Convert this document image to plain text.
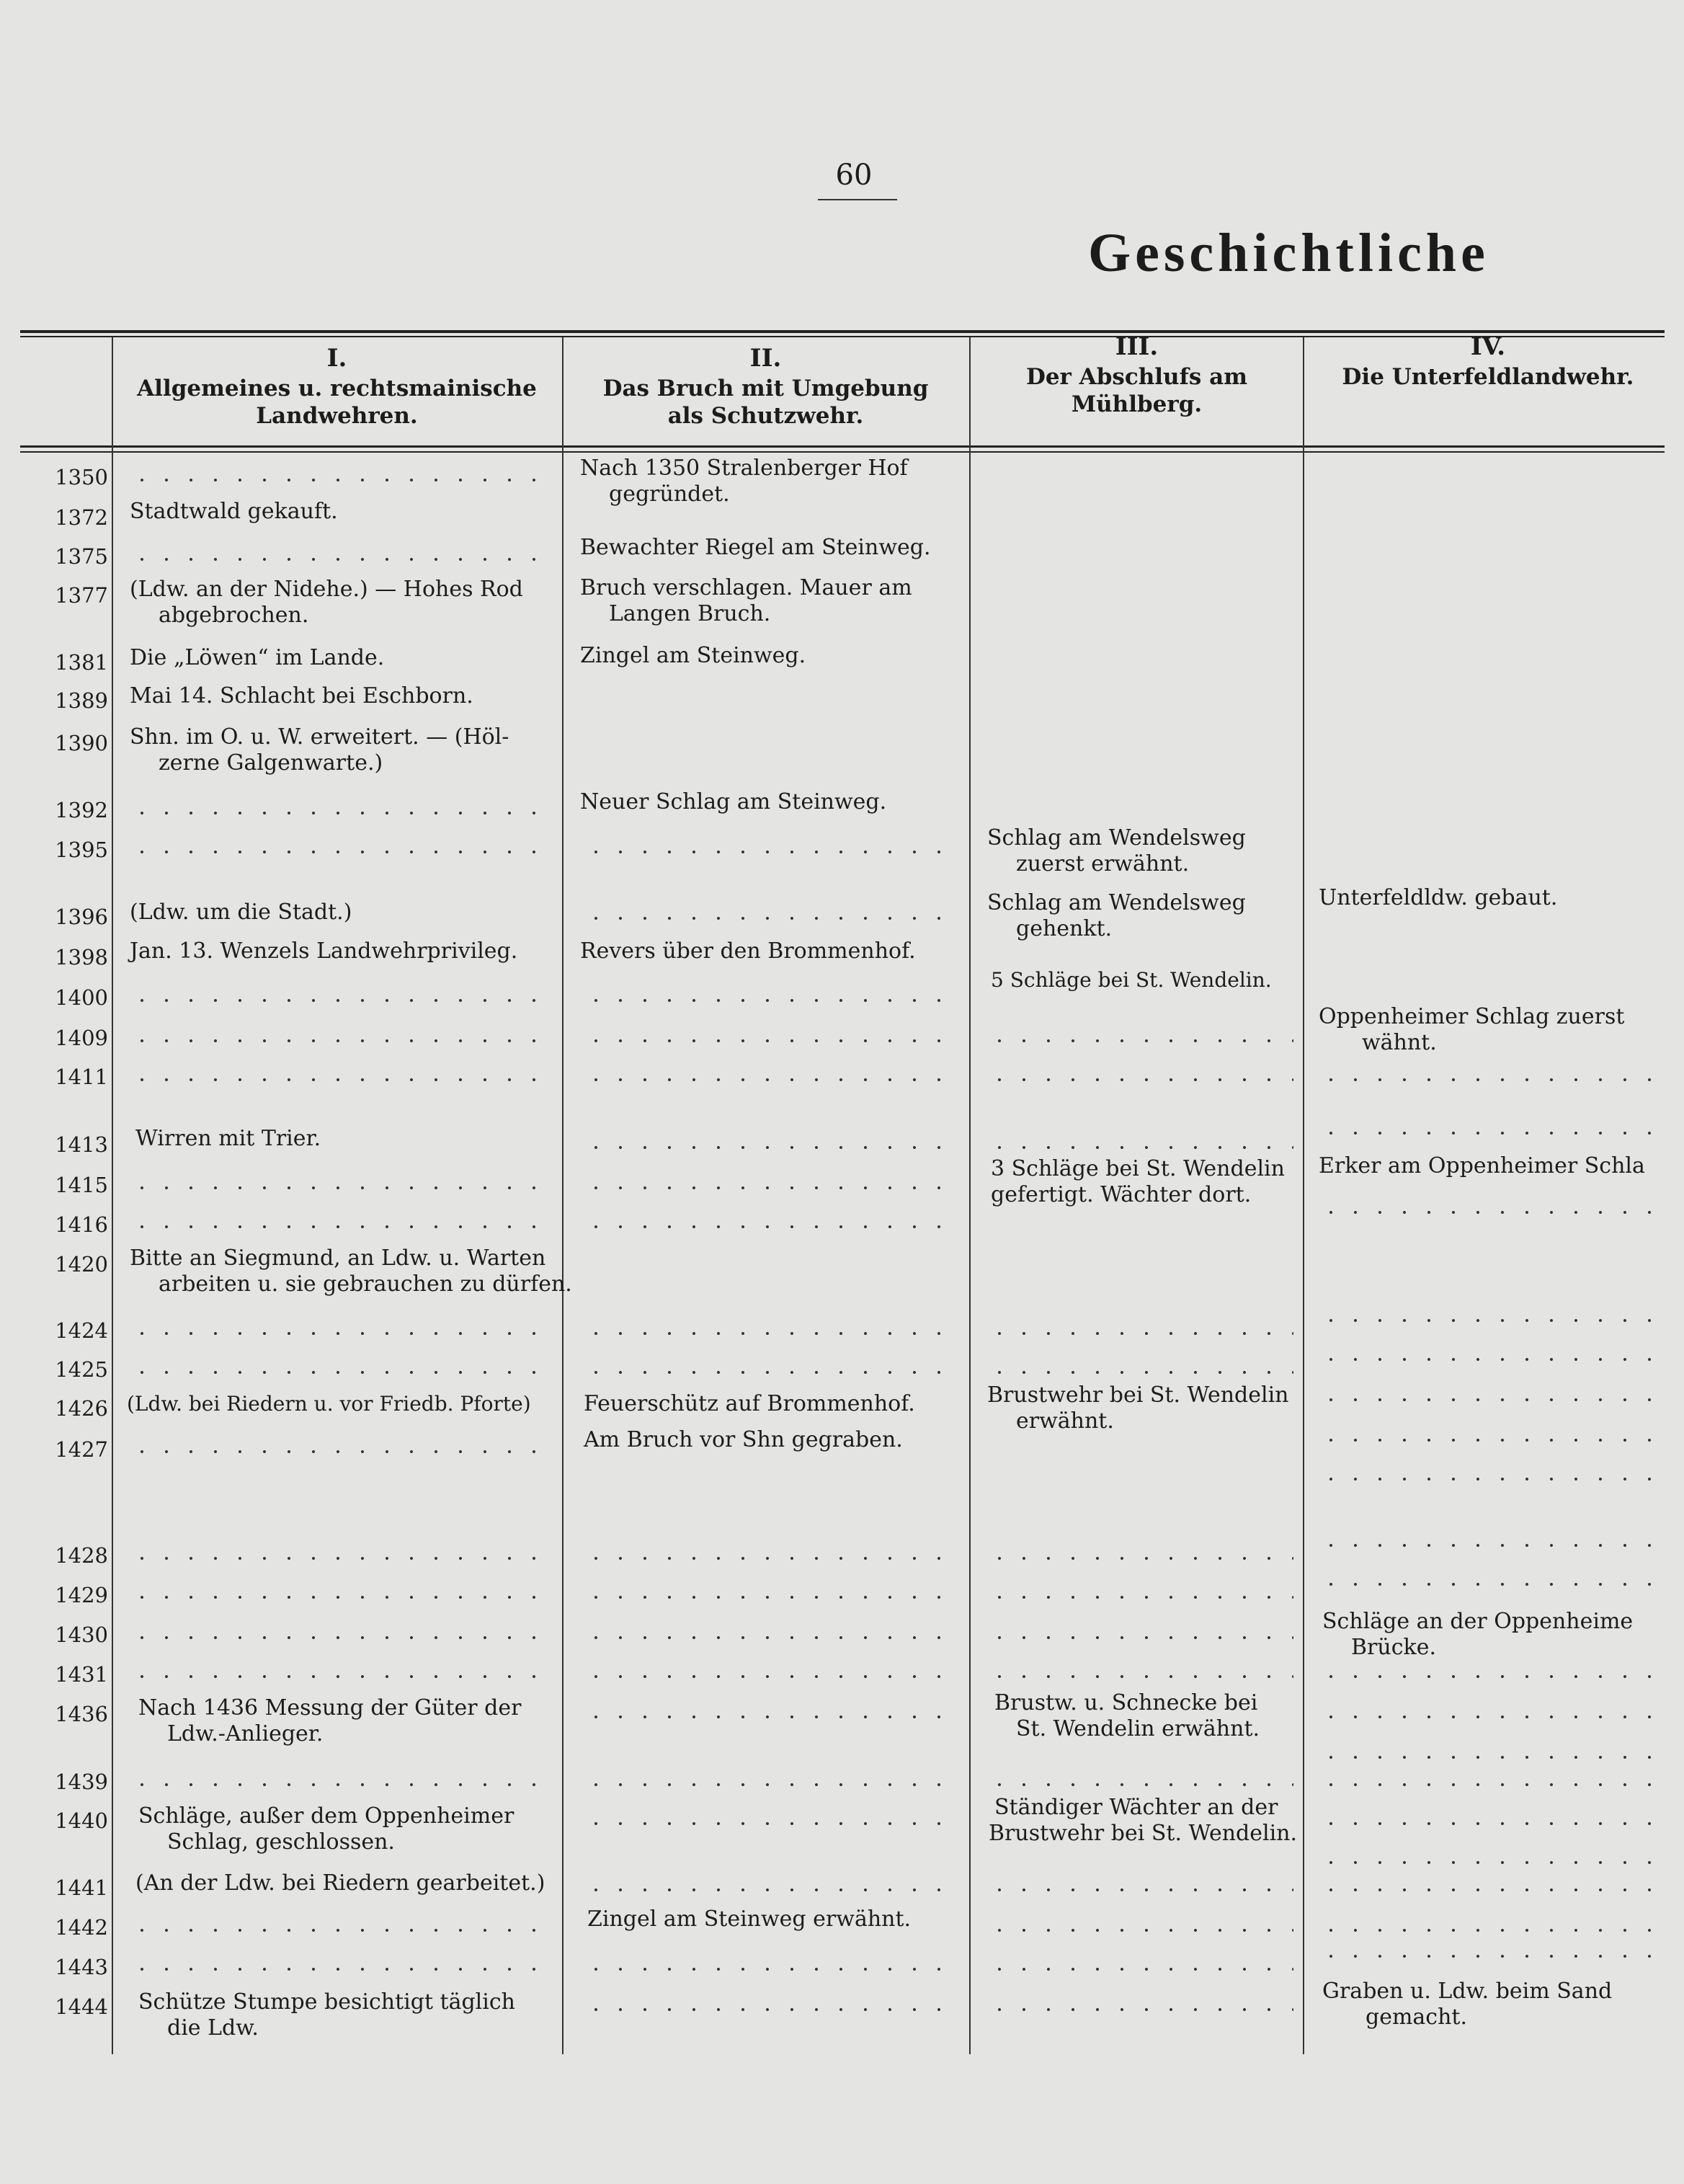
60
Geschichtliche
I.
Allgemeines u. rechtsmainische
Landwehren.
II.
Das Bruch mit Umgebung
als Schutzwehr.
III.
Der Abschlufs am
Mühlberg.
IV.
Die Unterfeldlandwehr.
1350
1372
1375
1377
1381
1389
1390
1392
1395
1396
1398
1400
1409
1411
1413
1415
1416
1420
1424
1425
1426
1427
1428
1429
1430
1431
1436
1439
1440
1441
1442
1443
1444
Stadtwald gekauft.
(Ldw. an der Nidehe.) — Hohes Rod
abgebrochen.
Die „Löwen“ im Lande.
Mai 14. Schlacht bei Eschborn.
Shn. im O. u. W. erweitert. — (Höl-
zerne Galgenwarte.)
(Ldw. um die Stadt.)
Jan. 13. Wenzels Landwehrprivileg.
Wirren mit Trier.
Bitte an Siegmund, an Ldw. u. Warten
arbeiten u. sie gebrauchen zu dürfen.
(Ldw. bei Riedern u. vor Friedb. Pforte)
Nach 1436 Messung der Güter der
Ldw.-Anlieger.
Schläge, außer dem Oppenheimer
Schlag, geschlossen.
(An der Ldw. bei Riedern gearbeitet.)
Schütze Stumpe besichtigt täglich
die Ldw.
Nach 1350 Stralenberger Hof
gegründet.
Bewachter Riegel am Steinweg.
Bruch verschlagen. Mauer am
Langen Bruch.
Zingel am Steinweg.
Neuer Schlag am Steinweg.
Revers über den Brommenhof.
Feuerschütz auf Brommenhof.
Am Bruch vor Shn gegraben.
Zingel am Steinweg erwähnt.
Schlag am Wendelsweg
zuerst erwähnt.
Schlag am Wendelsweg
gehenkt.
5 Schläge bei St. Wendelin.
3 Schläge bei St. Wendelin
gefertigt. Wächter dort.
Brustwehr bei St. Wendelin
erwähnt.
Brustw. u. Schnecke bei
St. Wendelin erwähnt.
Ständiger Wächter an der
Brustwehr bei St. Wendelin.
Unterfeldldw. gebaut.
Oppenheimer Schlag zuerst
wähnt.
Erker am Oppenheimer Schla
Schläge an der Oppenheime
Brücke.
Graben u. Ldw. beim Sand
gemacht.
